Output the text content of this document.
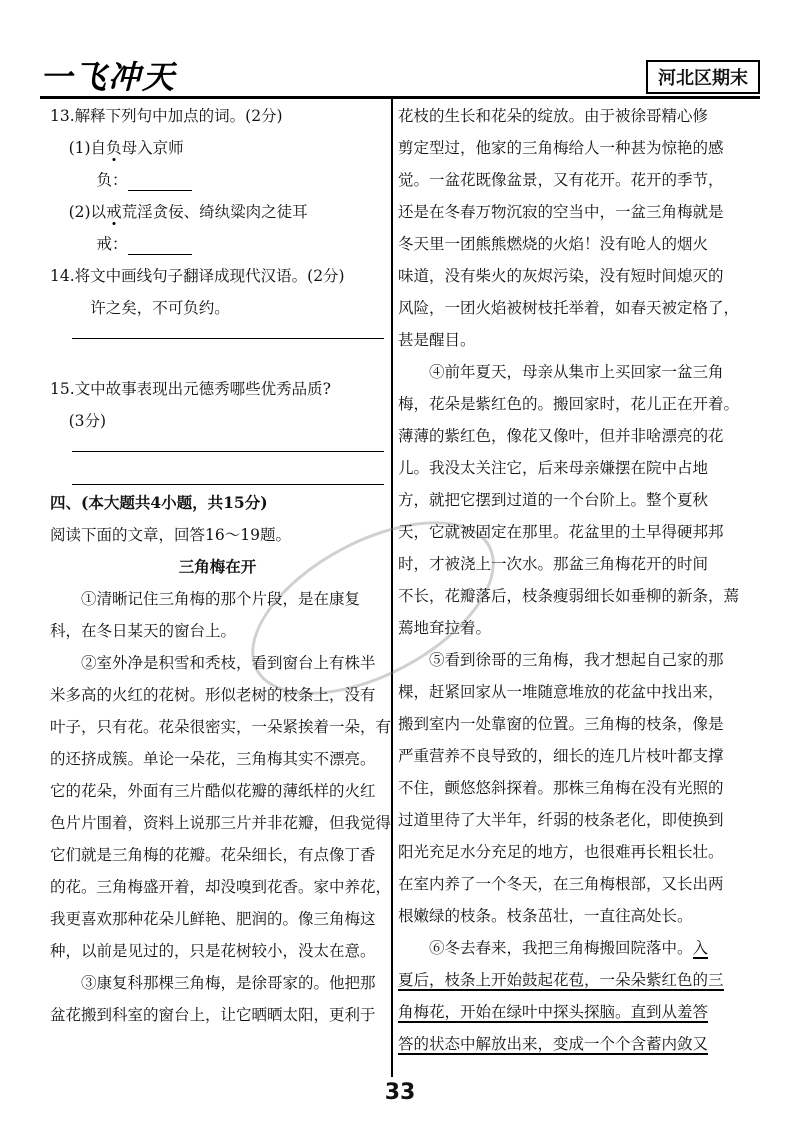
一飞冲天	河北区期末
13.解释下列句中加点的词。(2分)
(1)自负母入京师
负：
(2)以戒荒淫贪佞、绮纨粱肉之徒耳
戒：
14.将文中画线句子翻译成现代汉语。(2分)
许之矣，不可负约。
15.文中故事表现出元德秀哪些优秀品质?
(3分)
四、(本大题共4小题，共15分)
阅读下面的文章，回答16～19题。
三角梅在开
①清晰记住三角梅的那个片段，是在康复
科，在冬日某天的窗台上。
②室外净是积雪和秃枝，看到窗台上有株半
米多高的火红的花树。形似老树的枝条上，没有
叶子，只有花。花朵很密实，一朵紧挨着一朵，有
的还挤成簇。单论一朵花，三角梅其实不漂亮。
它的花朵，外面有三片酷似花瓣的薄纸样的火红
色片片围着，资料上说那三片并非花瓣，但我觉得
它们就是三角梅的花瓣。花朵细长，有点像丁香
的花。三角梅盛开着，却没嗅到花香。家中养花，
我更喜欢那种花朵儿鲜艳、肥润的。像三角梅这
种，以前是见过的，只是花树较小，没太在意。
③康复科那棵三角梅，是徐哥家的。他把那
盆花搬到科室的窗台上，让它晒晒太阳，更利于
花枝的生长和花朵的绽放。由于被徐哥精心修
剪定型过，他家的三角梅给人一种甚为惊艳的感
觉。一盆花既像盆景，又有花开。花开的季节，
还是在冬春万物沉寂的空当中，一盆三角梅就是
冬天里一团熊熊燃烧的火焰！没有呛人的烟火
味道，没有柴火的灰烬污染，没有短时间熄灭的
风险，一团火焰被树枝托举着，如春天被定格了，
甚是醒目。
④前年夏天，母亲从集市上买回家一盆三角
梅，花朵是紫红色的。搬回家时，花儿正在开着。
薄薄的紫红色，像花又像叶，但并非啥漂亮的花
儿。我没太关注它，后来母亲嫌摆在院中占地
方，就把它摆到过道的一个台阶上。整个夏秋
天，它就被固定在那里。花盆里的土早得硬邦邦
时，才被浇上一次水。那盆三角梅花开的时间
不长，花瓣落后，枝条瘦弱细长如垂柳的新条，蔫
蔫地耷拉着。
⑤看到徐哥的三角梅，我才想起自己家的那
棵，赶紧回家从一堆随意堆放的花盆中找出来，
搬到室内一处靠窗的位置。三角梅的枝条，像是
严重营养不良导致的，细长的连几片枝叶都支撑
不住，颤悠悠斜探着。那株三角梅在没有光照的
过道里待了大半年，纤弱的枝条老化，即使换到
阳光充足水分充足的地方，也很难再长粗长壮。
在室内养了一个冬天，在三角梅根部，又长出两
根嫩绿的枝条。枝条茁壮，一直往高处长。
⑥冬去春来，我把三角梅搬回院落中。入
夏后，枝条上开始鼓起花苞，一朵朵紫红色的三
角梅花，开始在绿叶中探头探脑。直到从羞答
答的状态中解放出来，变成一个个含蓄内敛又
33
